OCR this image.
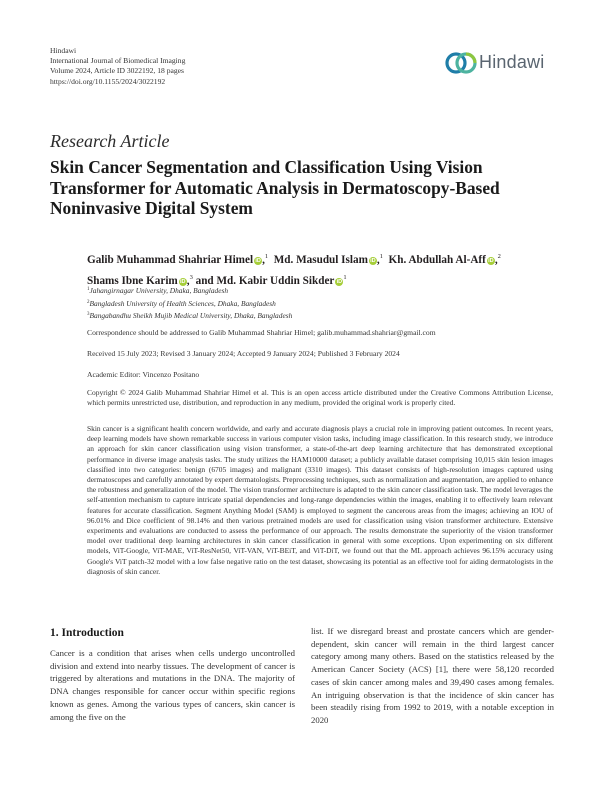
Hindawi
International Journal of Biomedical Imaging
Volume 2024, Article ID 3022192, 18 pages
https://doi.org/10.1155/2024/3022192
Hindawi
Research Article
Skin Cancer Segmentation and Classification Using Vision Transformer for Automatic Analysis in Dermatoscopy-Based Noninvasive Digital System
Galib Muhammad Shahriar Himel iD,$^1$ Md. Masudul Islam iD,$^1$ Kh. Abdullah Al-Aff iD,$^2$
Shams Ibne Karim iD,$^3$ and Md. Kabir Uddin Sikder $iD^1$
$^1$Jahangirnagar University, Dhaka, Bangladesh
$^2$Bangladesh University of Health Sciences, Dhaka, Bangladesh
$^3$Bangabandhu Sheikh Mujib Medical University, Dhaka, Bangladesh
Correspondence should be addressed to Galib Muhammad Shahriar Himel; galib.muhammad.shahriar@gmail.com
Received 15 July 2023; Revised 3 January 2024; Accepted 9 January 2024; Published 3 February 2024
Academic Editor: Vincenzo Positano
Copyright © 2024 Galib Muhammad Shahriar Himel et al. This is an open access article distributed under the Creative Commons Attribution License, which permits unrestricted use, distribution, and reproduction in any medium, provided the original work is properly cited.
Skin cancer is a significant health concern worldwide, and early and accurate diagnosis plays a crucial role in improving patient outcomes. In recent years, deep learning models have shown remarkable success in various computer vision tasks, including image classification. In this research study, we introduce an approach for skin cancer classification using vision transformer, a state-of-the-art deep learning architecture that has demonstrated exceptional performance in diverse image analysis tasks. The study utilizes the HAM10000 dataset; a publicly available dataset comprising 10,015 skin lesion images classified into two categories: benign (6705 images) and malignant (3310 images). This dataset consists of high-resolution images captured using dermatoscopes and carefully annotated by expert dermatologists. Preprocessing techniques, such as normalization and augmentation, are applied to enhance the robustness and generalization of the model. The vision transformer architecture is adapted to the skin cancer classification task. The model leverages the self-attention mechanism to capture intricate spatial dependencies and long-range dependencies within the images, enabling it to effectively learn relevant features for accurate classification. Segment Anything Model (SAM) is employed to segment the cancerous areas from the images; achieving an IOU of 96.01% and Dice coefficient of 98.14% and then various pretrained models are used for classification using vision transformer architecture. Extensive experiments and evaluations are conducted to assess the performance of our approach. The results demonstrate the superiority of the vision transformer model over traditional deep learning architectures in skin cancer classification in general with some exceptions. Upon experimenting on six different models, ViT-Google, ViT-MAE, ViT-ResNet50, ViT-VAN, ViT-BEiT, and ViT-DiT, we found out that the ML approach achieves 96.15% accuracy using Google's ViT patch-32 model with a low false negative ratio on the test dataset, showcasing its potential as an effective tool for aiding dermatologists in the diagnosis of skin cancer.
1. Introduction
Cancer is a condition that arises when cells undergo uncontrolled division and extend into nearby tissues. The development of cancer is triggered by alterations and mutations in the DNA. The majority of DNA changes responsible for cancer occur within specific regions known as genes. Among the various types of cancers, skin cancer is among the five on the
list. If we disregard breast and prostate cancers which are gender-dependent, skin cancer will remain in the third largest cancer category among many others. Based on the statistics released by the American Cancer Society (ACS) [1], there were 58,120 recorded cases of skin cancer among males and 39,490 cases among females. An intriguing observation is that the incidence of skin cancer has been steadily rising from 1992 to 2019, with a notable exception in 2020
